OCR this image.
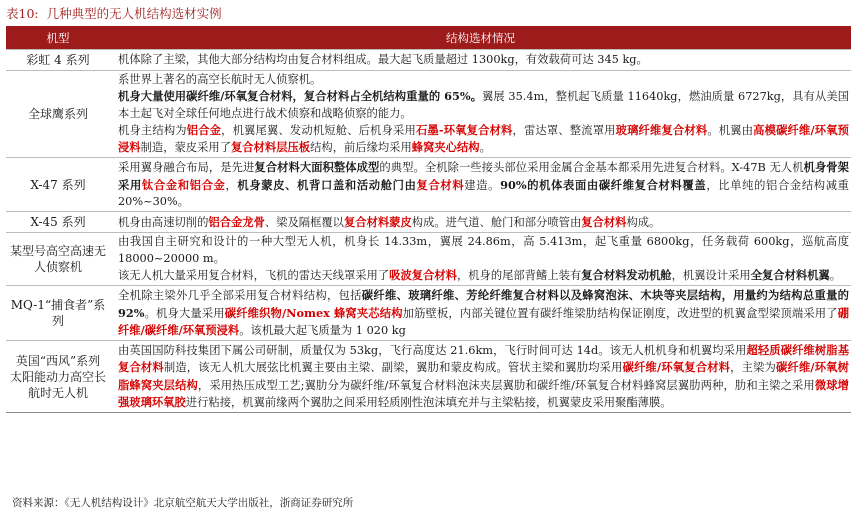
表10: 几种典型的无人机结构选材实例
机型	结构选材情况
彩虹 4 系列	机体除了主梁，其他大部分结构均由复合材料组成。最大起飞质量超过 1300kg，有效载荷可达 345 kg。

全球鹰系列	系世界上著名的高空长航时无人侦察机。
机身大量使用碳纤维/环氧复合材料，复合材料占全机结构重量的 65%。翼展 35.4m，整机起飞质量 11640kg，燃油质量 6727kg，具有从美国本土起飞对全球任何地点进行战术侦察和战略侦察的能力。
机身主结构为铝合金，机翼尾翼、发动机短舱、后机身采用石墨-环氧复合材料，雷达罩、整流罩用玻璃纤维复合材料。机翼由高模碳纤维/环氧预浸料制造，蒙皮采用了复合材料层压板结构，前后缘均采用蜂窝夹心结构。

X-47 系列	采用翼身融合布局，是先进复合材料大面积整体成型的典型。全机除一些接头部位采用金属合金基本都采用先进复合材料。X-47B 无人机机身骨架采用钛合金和铝合金，机身蒙皮、机背口盖和活动舱门由复合材料建造。90%的机体表面由碳纤维复合材料覆盖，比单纯的铝合金结构减重 20%~30%。

X-45 系列	机身由高速切削的铝合金龙骨、梁及隔框覆以复合材料蒙皮构成。进气道、舱门和部分喷管由复合材料构成。

某型号高空高速无人侦察机	由我国自主研究和设计的一种大型无人机，机身长 14.33m，翼展 24.86m，高 5.413m，起飞重量 6800kg，任务载荷 600kg，巡航高度 18000~20000 m。
该无人机大量采用复合材料，飞机的雷达天线罩采用了吸波复合材料，机身的尾部背鳍上装有复合材料发动机舱，机翼设计采用全复合材料机翼。

MQ-1“捕食者”系列	全机除主梁外几乎全部采用复合材料结构，包括碳纤维、玻璃纤维、芳纶纤维复合材料以及蜂窝泡沫、木块等夹层结构，用量约为结构总重量的 92%。机身大量采用碳纤维织物/Nomex 蜂窝夹芯结构加筋壁板，内部关键位置有碳纤维梁肋结构保证刚度，改进型的机翼盒型梁顶端采用了硼纤维/碳纤维/环氧预浸料。该机最大起飞质量为 1 020 kg

英国“西风”系列太阳能动力高空长航时无人机	由英国国防科技集团下属公司研制，质量仅为 53kg，飞行高度达 21.6km，飞行时间可达 14d。该无人机机身和机翼均采用超轻质碳纤维树脂基复合材料制造，该无人机大展弦比机翼主要由主梁、副梁，翼肋和蒙皮构成。管状主梁和翼肋均采用碳纤维/环氧复合材料，主梁为碳纤维/环氧树脂蜂窝夹层结构，采用热压成型工艺;翼肋分为碳纤维/环氧复合材料泡沫夹层翼肋和碳纤维/环氧复合材料蜂窝层翼肋两种，肋和主梁之采用微球增强玻璃环氧胶进行粘接，机翼前缘两个翼肋之间采用轻质刚性泡沫填充并与主梁粘接，机翼蒙皮采用聚酯薄膜。
资料来源：《无人机结构设计》北京航空航天大学出版社，浙商证券研究所
